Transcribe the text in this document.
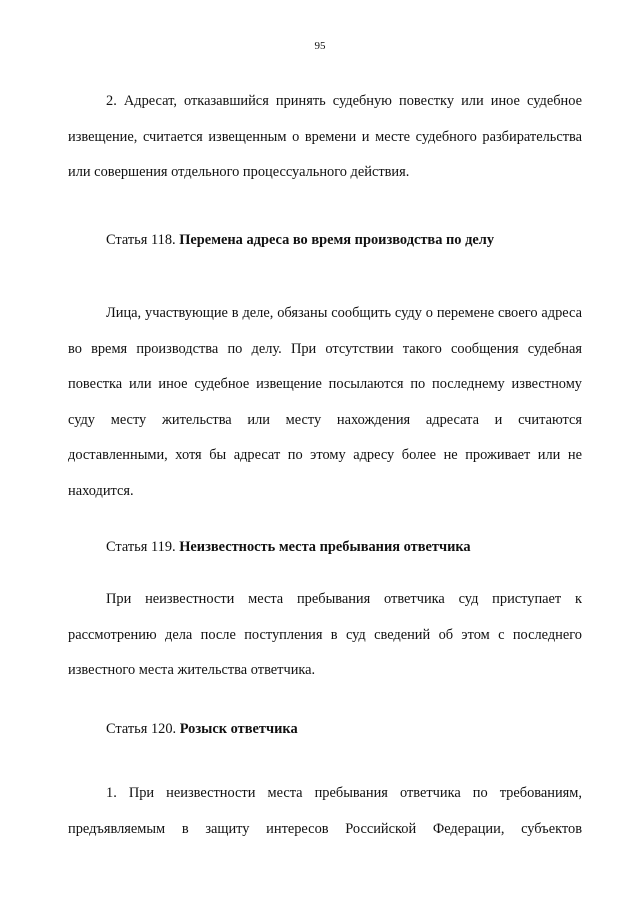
95

2. Адресат, отказавшийся принять судебную повестку или иное судебное извещение, считается извещенным о времени и месте судебного разбирательства или совершения отдельного процессуального действия.

Статья 118. Перемена адреса во время производства по делу

Лица, участвующие в деле, обязаны сообщить суду о перемене своего адреса во время производства по делу. При отсутствии такого сообщения судебная повестка или иное судебное извещение посылаются по последнему известному суду месту жительства или месту нахождения адресата и считаются доставленными, хотя бы адресат по этому адресу более не проживает или не находится.

Статья 119. Неизвестность места пребывания ответчика

При неизвестности места пребывания ответчика суд приступает к рассмотрению дела после поступления в суд сведений об этом с последнего известного места жительства ответчика.

Статья 120. Розыск ответчика

1. При неизвестности места пребывания ответчика по требованиям, предъявляемым в защиту интересов Российской Федерации, субъектов
